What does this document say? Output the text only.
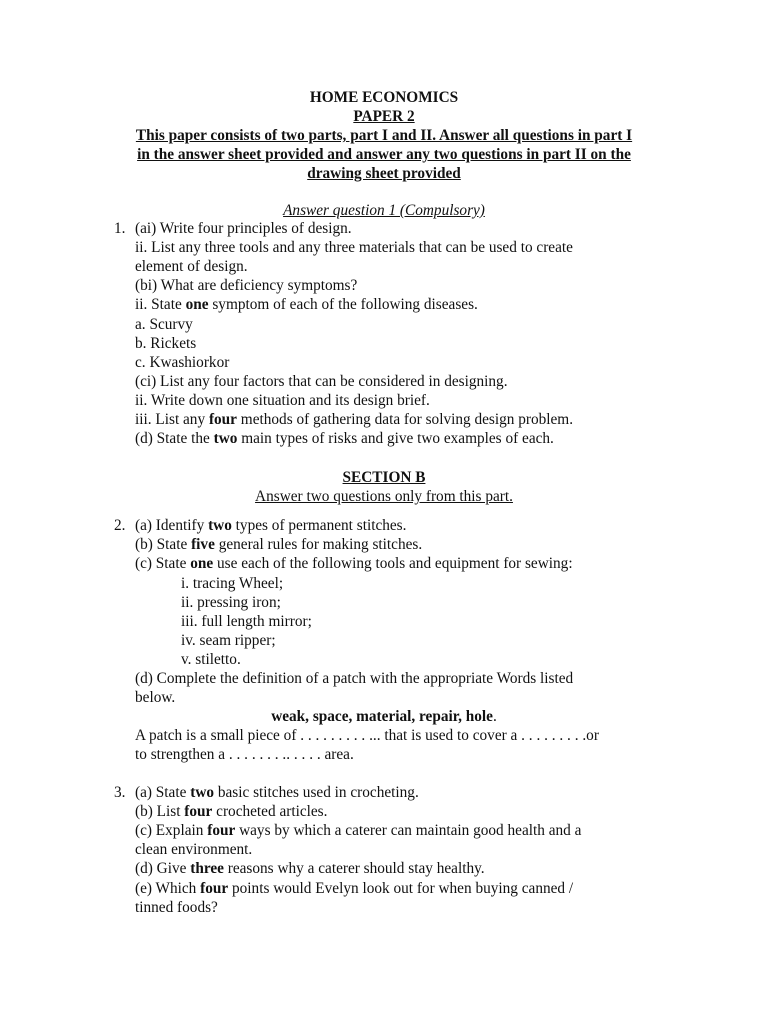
HOME ECONOMICS
PAPER 2
This paper consists of two parts, part I and II. Answer all questions in part I
in the answer sheet provided and answer any two questions in part II on the
drawing sheet provided
Answer question 1 (Compulsory)
1. (ai) Write four principles of design.
ii. List any three tools and any three materials that can be used to create
element of design.
(bi) What are deficiency symptoms?
ii. State one symptom of each of the following diseases.
a. Scurvy
b. Rickets
c. Kwashiorkor
(ci) List any four factors that can be considered in designing.
ii. Write down one situation and its design brief.
iii. List any four methods of gathering data for solving design problem.
(d) State the two main types of risks and give two examples of each.
SECTION B
Answer two questions only from this part.
2. (a) Identify two types of permanent stitches.
(b) State five general rules for making stitches.
(c) State one use each of the following tools and equipment for sewing:
i. tracing Wheel;
ii. pressing iron;
iii. full length mirror;
iv. seam ripper;
v. stiletto.
(d) Complete the definition of a patch with the appropriate Words listed
below.
weak, space, material, repair, hole.
A patch is a small piece of . . . . . . . . . ... that is used to cover a . . . . . . . . .or
to strengthen a . . . . . . . .. . . . . area.
3. (a) State two basic stitches used in crocheting.
(b) List four crocheted articles.
(c) Explain four ways by which a caterer can maintain good health and a
clean environment.
(d) Give three reasons why a caterer should stay healthy.
(e) Which four points would Evelyn look out for when buying canned /
tinned foods?
